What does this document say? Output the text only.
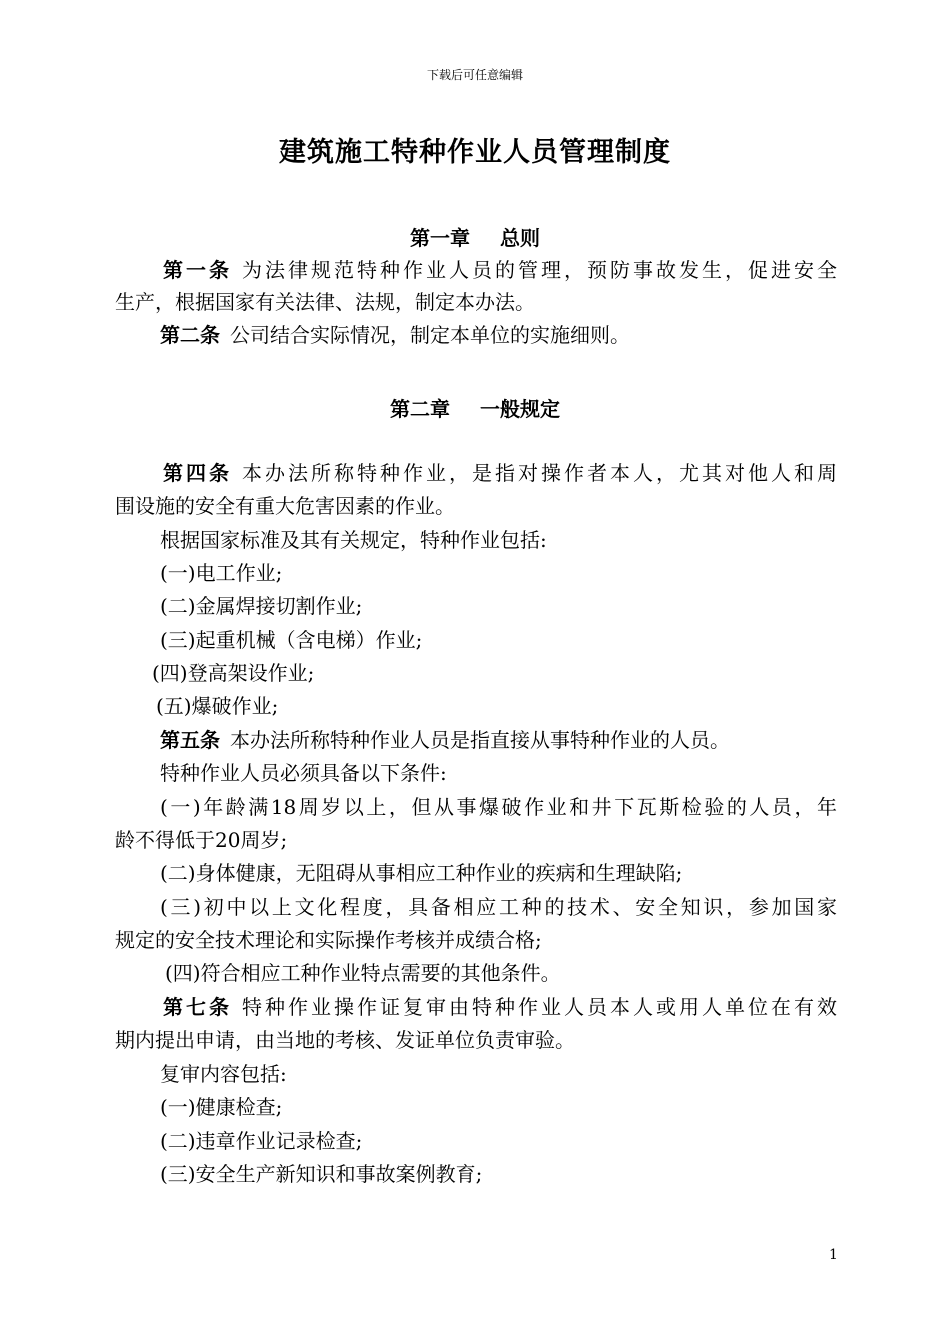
下载后可任意编辑
建筑施工特种作业人员管理制度
第一章 总则
第一条 为法律规范特种作业人员的管理，预防事故发生，促进安全
生产，根据国家有关法律、法规，制定本办法。
第二条 公司结合实际情况，制定本单位的实施细则。
第二章 一般规定
第四条 本办法所称特种作业，是指对操作者本人，尤其对他人和周
围设施的安全有重大危害因素的作业。
根据国家标准及其有关规定，特种作业包括:
(一)电工作业;
(二)金属焊接切割作业;
(三)起重机械（含电梯）作业;
(四)登高架设作业;
(五)爆破作业;
第五条 本办法所称特种作业人员是指直接从事特种作业的人员。
特种作业人员必须具备以下条件:
(一)年龄满18周岁以上，但从事爆破作业和井下瓦斯检验的人员，年
龄不得低于20周岁;
(二)身体健康，无阻碍从事相应工种作业的疾病和生理缺陷;
(三)初中以上文化程度，具备相应工种的技术、安全知识，参加国家
规定的安全技术理论和实际操作考核并成绩合格;
(四)符合相应工种作业特点需要的其他条件。
第七条 特种作业操作证复审由特种作业人员本人或用人单位在有效
期内提出申请，由当地的考核、发证单位负责审验。
复审内容包括:
(一)健康检查;
(二)违章作业记录检查;
(三)安全生产新知识和事故案例教育;
1
